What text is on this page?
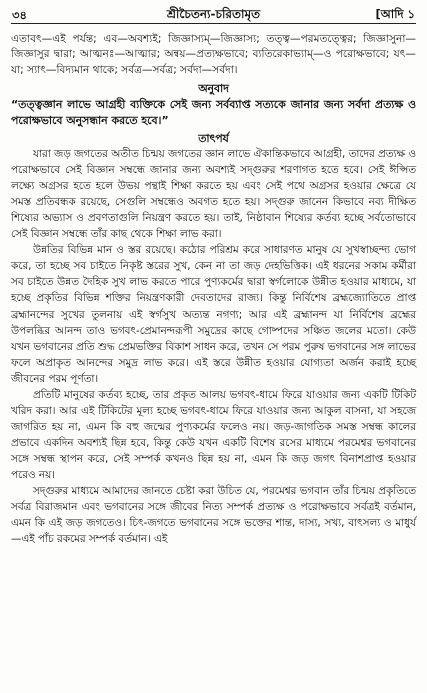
৩৪	শ্রীচৈতন্য-চরিতামৃত	[আদি ১
এতাবৎ—এই পর্যন্ত; এব—অবশ্যই; জিজ্ঞাস্যম্—জিজ্ঞাস্য; তত্ত্ব—পরমতত্ত্বের; জিজ্ঞাসুনা—জিজ্ঞাসুর দ্বারা; আত্মনঃ—আত্মার; অন্বয়—প্রত্যক্ষভাবে; ব্যতিরেকাভ্যাম্—ও পরোক্ষভাবে; যৎ—যা; স্যাৎ—বিদ্যমান থাকে; সর্বত্র—সর্বত্র; সর্বদা—সর্বদা।
অনুবাদ
“তত্ত্বজ্ঞান লাভে আগ্রহী ব্যক্তিকে সেই জন্য সর্বব্যাপ্ত সত্যকে জানার জন্য সর্বদা প্রত্যক্ষ ও পরোক্ষভাবে অনুসন্ধান করতে হবে।”
তাৎপর্য

যারা জড় জগতের অতীত চিন্ময় জগতের জ্ঞান লাভে ঐকান্তিকভাবে আগ্রহী, তাদের প্রত্যক্ষ ও পরোক্ষভাবে সেই বিজ্ঞান সম্বন্ধে জানার জন্য অবশ্যই সদ্গুরুর শরণাগত হতে হবে। সেই ঈপ্সিত লক্ষ্যে অগ্রসর হতে হলে উভয় পন্থাই শিক্ষা করতে হয় এবং সেই পথে অগ্রসর হওয়ার ক্ষেত্রে যে সমস্ত প্রতিবন্ধক রয়েছে, সেগুলি সম্বন্ধেও অবগত হতে হয়। সদ্গুরু জানেন কিভাবে নব্য দীক্ষিত শিষ্যের অভ্যাস ও প্রবণতাগুলি নিয়ন্ত্রণ করতে হয়। তাই, নিষ্ঠাবান শিষ্যের কর্তব্য হচ্ছে সর্বতোভাবে সেই বিজ্ঞান সম্বন্ধে তাঁর কাছ থেকে শিক্ষা লাভ করা।

উন্নতির বিভিন্ন মান ও স্তর রয়েছে। কঠোর পরিশ্রম করে সাধারণত মানুষ যে সুখস্বাচ্ছন্দ্য ভোগ করে, তা হচ্ছে সব চাইতে নিকৃষ্ট স্তরের সুখ, কেন না তা জড় দেহভিত্তিক। এই ধরনের সকাম কর্মীরা সব চাইতে উন্নত দৈহিক সুখ লাভ করতে পারে পুণ্যকর্মের দ্বারা স্বর্গলোকে উন্নীত হওয়ার মাধ্যমে, যা হচ্ছে প্রকৃতির বিভিন্ন শক্তির নিয়ন্ত্রণকারী দেবতাদের রাজ্য। কিন্তু নির্বিশেষ ব্রহ্মজ্যোতিতে প্রাপ্ত ব্রহ্মানন্দের সুখের তুলনায় এই স্বর্গসুখ অত্যন্ত নগণ্য; আর এই ব্রহ্মানন্দ যা নির্বিশেষ ব্রহ্মের উপলব্ধির আনন্দ তাও ভগবৎ-প্রেমানন্দরূপী সমুদ্রের কাছে গোষ্পদের সঞ্চিত জলের মতো। কেউ যখন ভগবানের প্রতি শুদ্ধ প্রেমভক্তির বিকাশ সাধন করে, তখন সে পরম পুরুষ ভগবানের সঙ্গ লাভের ফলে অপ্রাকৃত আনন্দের সমুদ্র লাভ করে। এই স্তরে উন্নীত হওয়ার যোগ্যতা অর্জন করাই হচ্ছে জীবনের পরম পূর্ণতা।

প্রতিটি মানুষের কর্তব্য হচ্ছে, তার প্রকৃত আলয় ভগবৎ-ধামে ফিরে যাওয়ার জন্য একটি টিকিট খরিদ করা। আর এই টিকিটের মূল্য হচ্ছে ভগবৎ-ধামে ফিরে যাওয়ার জন্য আকুল বাসনা, যা সহজে জাগরিত হয় না, এমন কি বহু জন্মের পুণ্যকর্মের ফলেও নয়। জড়-জাগতিক সমস্ত সম্বন্ধ কালের প্রভাবে একদিন অবশ্যই ছিন্ন হবে, কিন্তু কেউ যখন একটি বিশেষ রসের মাধ্যমে পরমেশ্বর ভগবানের সঙ্গে সম্বন্ধ স্থাপন করে, সেই সম্পর্ক কখনও ছিন্ন হয় না, এমন কি জড় জগৎ বিনাশপ্রাপ্ত হওয়ার পরেও নয়।

সদ্গুরুর মাধ্যমে আমাদের জানতে চেষ্টা করা উচিত যে, পরমেশ্বর ভগবান তাঁর চিন্ময় প্রকৃতিতে সর্বত্র বিরাজমান এবং ভগবানের সঙ্গে জীবের নিত্য সম্পর্ক প্রত্যক্ষ ও পরোক্ষভাবে সর্বত্রই বর্তমান, এমন কি এই জড় জগতেও। চিৎ-জগতে ভগবানের সঙ্গে ভক্তের শান্ত, দাস্য, সখ্য, বাৎসল্য ও মাধুর্য—এই পাঁচ রকমের সম্পর্ক বর্তমান। এই
